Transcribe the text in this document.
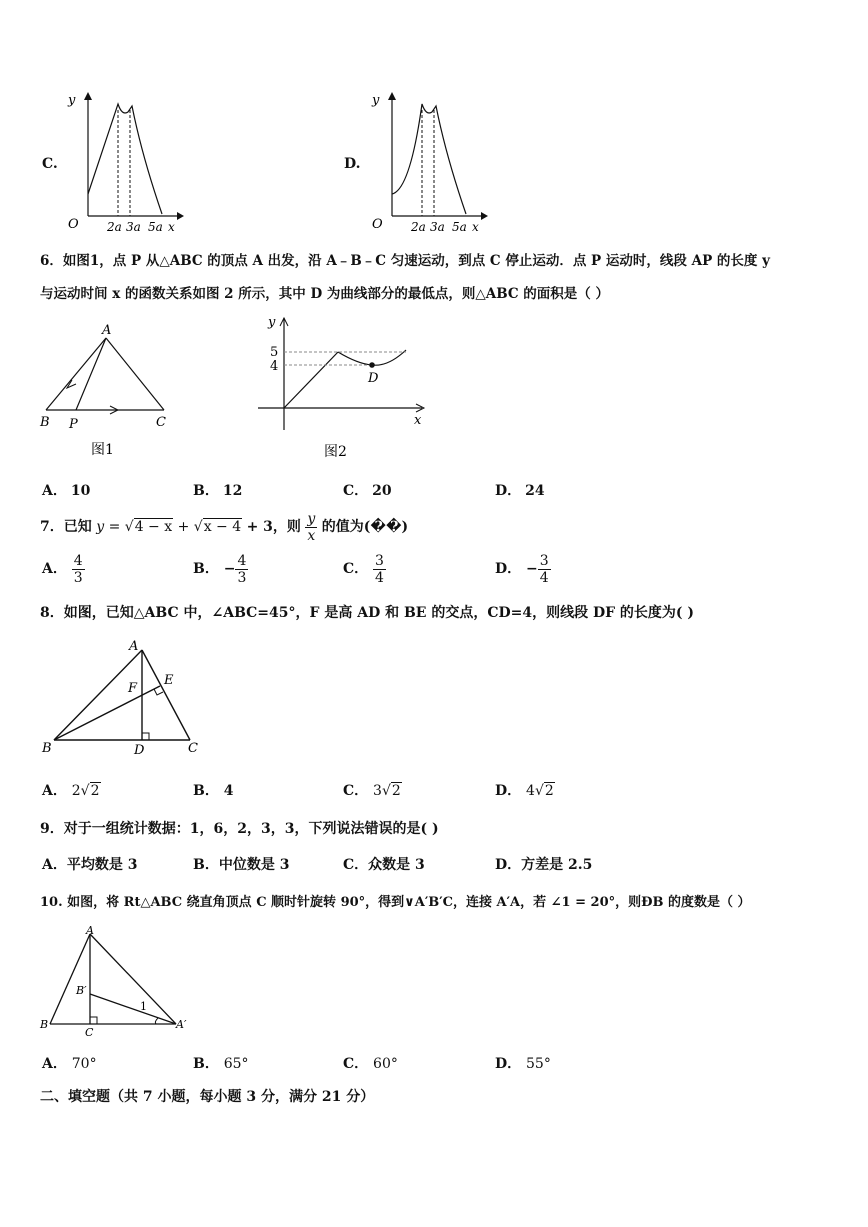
C.
y
O 2a 3a 5a x
D.
y
O 2a 3a 5a x
6．如图1，点 P 从△ABC 的顶点 A 出发，沿 A﹣B﹣C 匀速运动，到点 C 停止运动．点 P 运动时，线段 AP 的长度 y
与运动时间 x 的函数关系如图 2 所示，其中 D 为曲线部分的最低点，则△ABC 的面积是（ ）
A
B P	C
图1
y
x
5
4
D
图2
A． 10	B． 12	C． 20	D． 24
7．已知 y = √4 − x + √x − 4 + 3，则 $\frac{y}{x}$ 的值为(��)
A． $\frac{4}{3}$	B． − $\frac{4}{3}$	C． $\frac{3}{4}$	D． − $\frac{3}{4}$
8．如图，已知△ABC 中，∠ABC=45°，F 是高 AD 和 BE 的交点，CD=4，则线段 DF 的长度为( )
A
E
F
B	D	C
A． 2√2	B． 4	C． 3√2	D． 4√2
9．对于一组统计数据：1，6，2，3，3，下列说法错误的是( )
A．平均数是 3	B．中位数是 3	C．众数是 3	D．方差是 2.5
10. 如图，将 Rt△ABC 绕直角顶点 C 顺时针旋转 90°，得到∨A′B′C，连接 A′A，若 ∠1 = 20°，则ÐB 的度数是（ ）
A
B′
1
B
C
A′
A． 70°	B． 65°	C． 60°	D． 55°
二、填空题（共 7 小题，每小题 3 分，满分 21 分）
